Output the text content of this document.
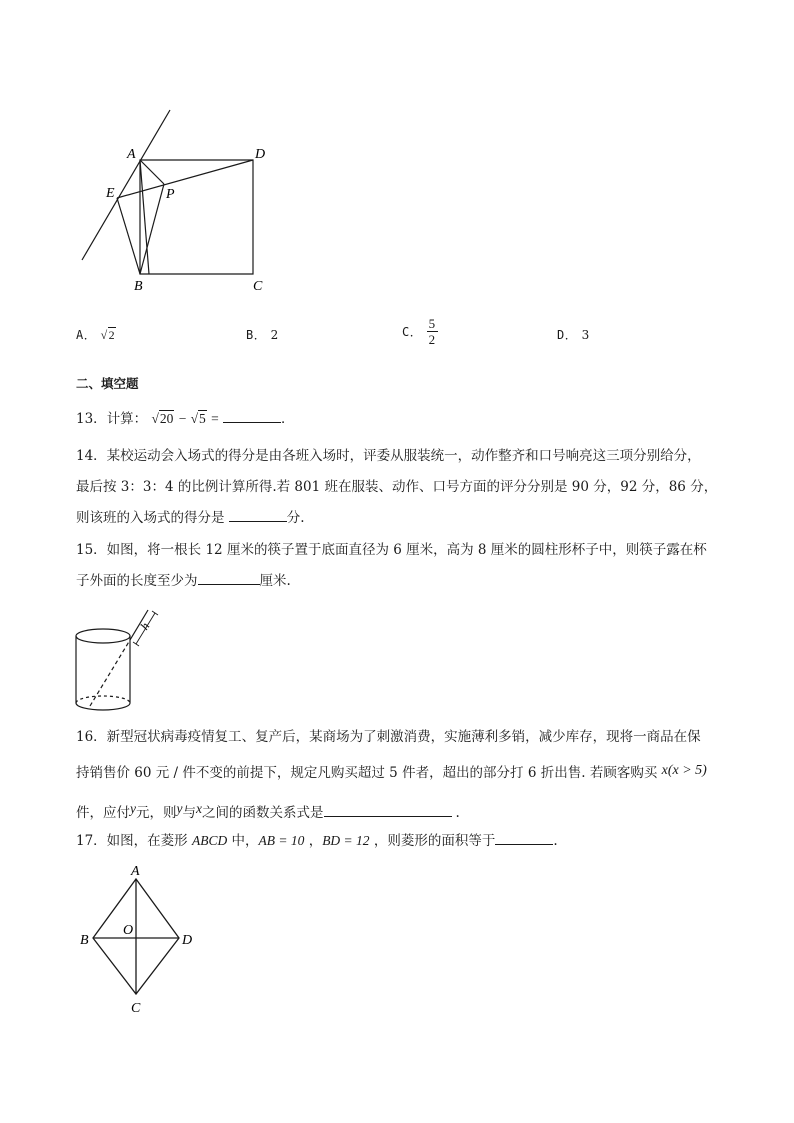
A	D
E	P
B	C
A． √2	B． 2	C． $\frac{5}{2}$	D． 3
二、填空题
13．计算： √20 − √5 =	．
14．某校运动会入场式的得分是由各班入场时，评委从服装统一，动作整齐和口号响亮这三项分别给分，
最后按 3：3：4 的比例计算所得.若 801 班在服装、动作、口号方面的评分分别是 90 分，92 分，86 分，
则该班的入场式的得分是	分.
15．如图，将一根长 12 厘米的筷子置于底面直径为 6 厘米，高为 8 厘米的圆柱形杯子中，则筷子露在杯
子外面的长度至少为	厘米.
h
16．新型冠状病毒疫情复工、复产后，某商场为了刺激消费，实施薄利多销，减少库存，现将一商品在保
持销售价 60 元 / 件不变的前提下，规定凡购买超过 5 件者，超出的部分打 6 折出售. 若顾客购买 x(x > 5)
件，应付y元，则y与x之间的函数关系式是	.
17．如图，在菱形 ABCD 中，AB = 10 ，BD = 12 ，则菱形的面积等于	.
A
B	D
O
C
